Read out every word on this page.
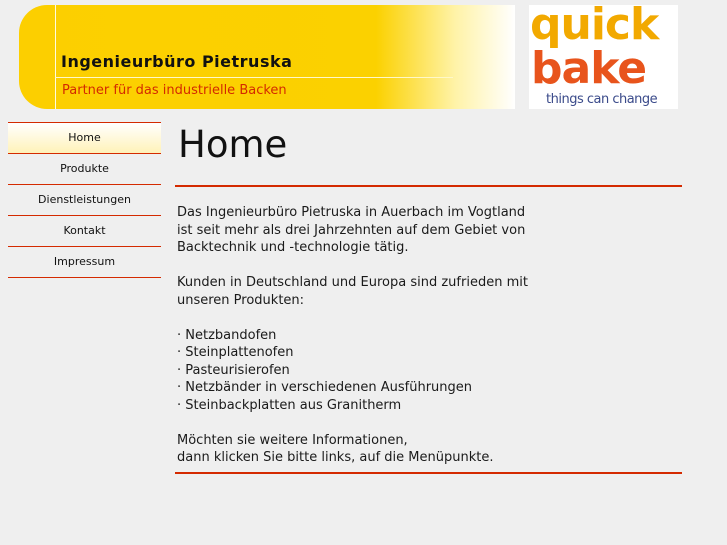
Ingenieurbüro Pietruska
Partner für das industrielle Backen
quick
bake
things can change
Home
Produkte
Dienstleistungen
Kontakt
Impressum
Home

Das Ingenieurbüro Pietruska in Auerbach im Vogtland
ist seit mehr als drei Jahrzehnten auf dem Gebiet von
Backtechnik und -technologie tätig.

Kunden in Deutschland und Europa sind zufrieden mit
unseren Produkten:

· Netzbandofen
· Steinplattenofen
· Pasteurisierofen
· Netzbänder in verschiedenen Ausführungen
· Steinbackplatten aus Granitherm

Möchten sie weitere Informationen,
dann klicken Sie bitte links, auf die Menüpunkte.
